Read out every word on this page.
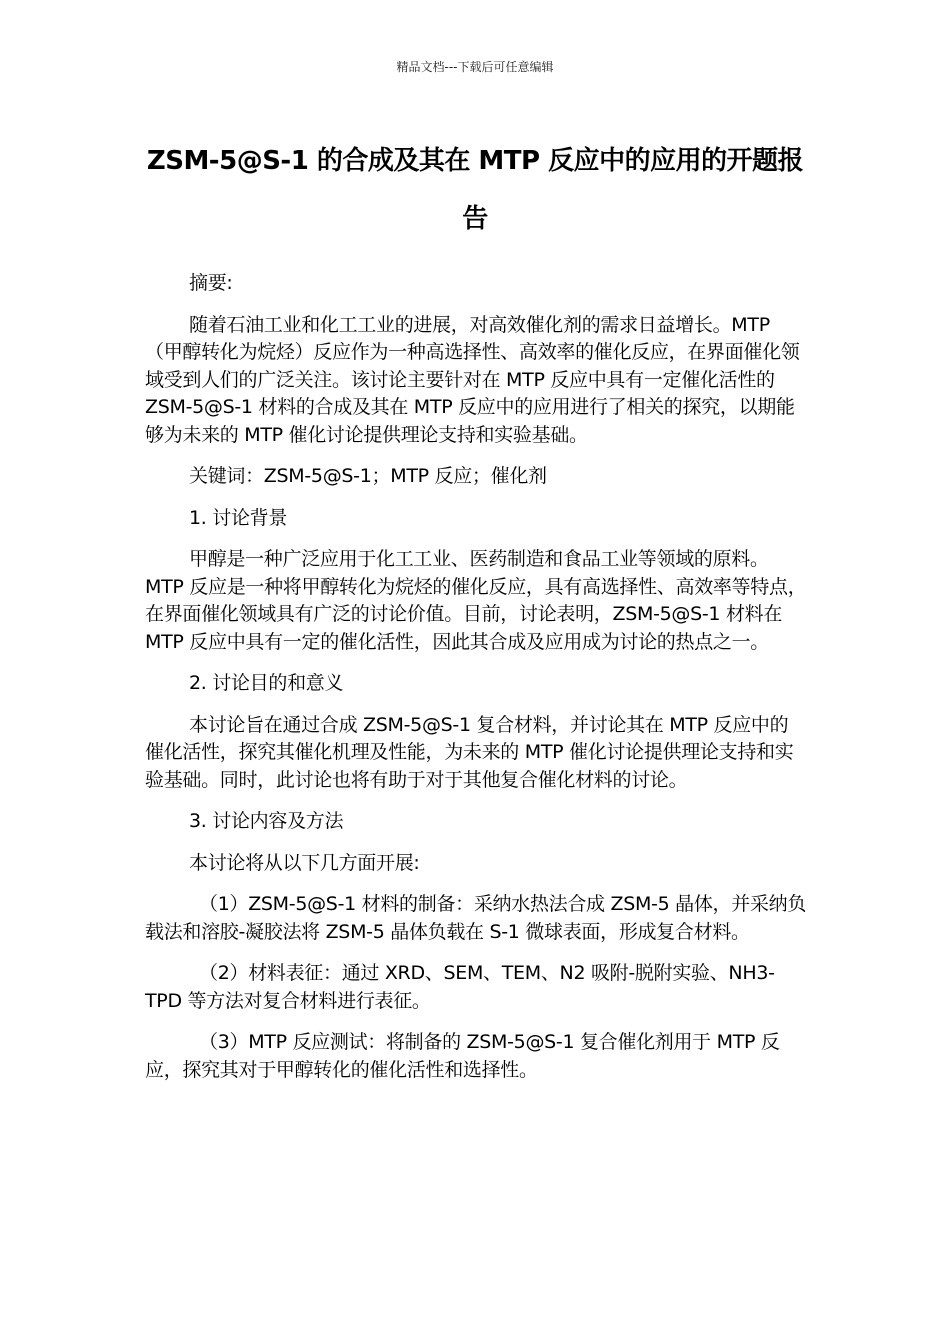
精品文档---下载后可任意编辑
ZSM-5@S-1 的合成及其在 MTP 反应中的应用的开题报告

摘要:

随着石油工业和化工工业的进展，对高效催化剂的需求日益增长。MTP（甲醇转化为烷烃）反应作为一种高选择性、高效率的催化反应，在界面催化领域受到人们的广泛关注。该讨论主要针对在 MTP 反应中具有一定催化活性的 ZSM-5@S-1 材料的合成及其在 MTP 反应中的应用进行了相关的探究，以期能够为未来的 MTP 催化讨论提供理论支持和实验基础。

关键词：ZSM-5@S-1；MTP 反应；催化剂

1. 讨论背景

甲醇是一种广泛应用于化工工业、医药制造和食品工业等领域的原料。MTP 反应是一种将甲醇转化为烷烃的催化反应，具有高选择性、高效率等特点，在界面催化领域具有广泛的讨论价值。目前，讨论表明，ZSM-5@S-1 材料在 MTP 反应中具有一定的催化活性，因此其合成及应用成为讨论的热点之一。

2. 讨论目的和意义

本讨论旨在通过合成 ZSM-5@S-1 复合材料，并讨论其在 MTP 反应中的催化活性，探究其催化机理及性能，为未来的 MTP 催化讨论提供理论支持和实验基础。同时，此讨论也将有助于对于其他复合催化材料的讨论。

3. 讨论内容及方法

本讨论将从以下几方面开展:

（1）ZSM-5@S-1 材料的制备：采纳水热法合成 ZSM-5 晶体，并采纳负载法和溶胶-凝胶法将 ZSM-5 晶体负载在 S-1 微球表面，形成复合材料。

（2）材料表征：通过 XRD、SEM、TEM、N2 吸附-脱附实验、NH3-TPD 等方法对复合材料进行表征。

（3）MTP 反应测试：将制备的 ZSM-5@S-1 复合催化剂用于 MTP 反应，探究其对于甲醇转化的催化活性和选择性。
